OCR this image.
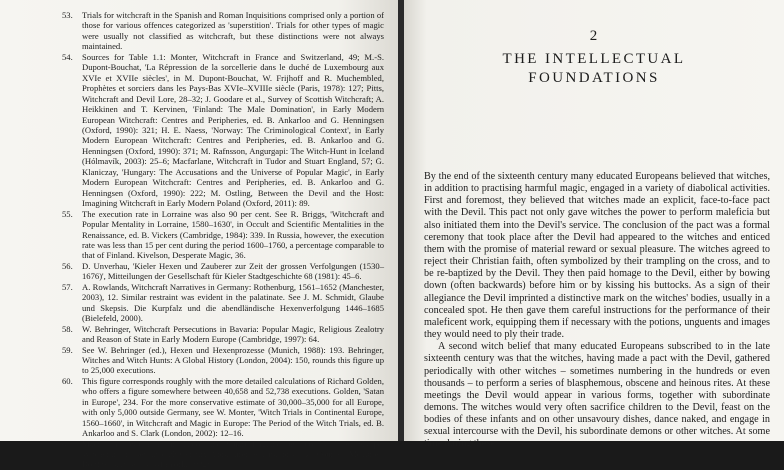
53.	Trials for witchcraft in the Spanish and Roman Inquisitions comprised only a portion of those for various offences categorized as 'superstition'. Trials for other types of magic were usually not classified as witchcraft, but these distinctions were not always maintained.
54.	Sources for Table 1.1: Monter, Witchcraft in France and Switzerland, 49; M.-S. Dupont-Bouchat, 'La Répression de la sorcellerie dans le duché de Luxembourg aux XVIe et XVIIe siècles', in M. Dupont-Bouchat, W. Frijhoff and R. Muchembled, Prophètes et sorciers dans les Pays-Bas XVIe–XVIIIe siècle (Paris, 1978): 127; Pitts, Witchcraft and Devil Lore, 28–32; J. Goodare et al., Survey of Scottish Witchcraft; A. Heikkinen and T. Kervinen, 'Finland: The Male Domination', in Early Modern European Witchcraft: Centres and Peripheries, ed. B. Ankarloo and G. Henningsen (Oxford, 1990): 321; H. E. Naess, 'Norway: The Criminological Context', in Early Modern European Witchcraft: Centres and Peripheries, ed. B. Ankarloo and G. Henningsen (Oxford, 1990): 371; M. Rafnsson, Angurgapi: The Witch-Hunt in Iceland (Hólmavík, 2003): 25–6; Macfarlane, Witchcraft in Tudor and Stuart England, 57; G. Klaniczay, 'Hungary: The Accusations and the Universe of Popular Magic', in Early Modern European Witchcraft: Centres and Peripheries, ed. B. Ankarloo and G. Henningsen (Oxford, 1990): 222; M. Ostling, Between the Devil and the Host: Imagining Witchcraft in Early Modern Poland (Oxford, 2011): 89.
55.	The execution rate in Lorraine was also 90 per cent. See R. Briggs, 'Witchcraft and Popular Mentality in Lorraine, 1580–1630', in Occult and Scientific Mentalities in the Renaissance, ed. B. Vickers (Cambridge, 1984): 339. In Russia, however, the execution rate was less than 15 per cent during the period 1600–1760, a percentage comparable to that of Finland. Kivelson, Desperate Magic, 36.
56.	D. Unverhau, 'Kieler Hexen und Zauberer zur Zeit der grossen Verfolgungen (1530–1676)', Mitteilungen der Gesellschaft für Kieler Stadtgeschichte 68 (1981): 45–6.
57.	A. Rowlands, Witchcraft Narratives in Germany: Rothenburg, 1561–1652 (Manchester, 2003), 12. Similar restraint was evident in the palatinate. See J. M. Schmidt, Glaube und Skepsis. Die Kurpfalz und die abendländische Hexenverfolgung 1446–1685 (Bielefeld, 2000).
58.	W. Behringer, Witchcraft Persecutions in Bavaria: Popular Magic, Religious Zealotry and Reason of State in Early Modern Europe (Cambridge, 1997): 64.
59.	See W. Behringer (ed.), Hexen und Hexenprozesse (Munich, 1988): 193. Behringer, Witches and Witch Hunts: A Global History (London, 2004): 150, rounds this figure up to 25,000 executions.
60.	This figure corresponds roughly with the more detailed calculations of Richard Golden, who offers a figure somewhere between 40,658 and 52,738 executions. Golden, 'Satan in Europe', 234. For the more conservative estimate of 30,000–35,000 for all Europe, with only 5,000 outside Germany, see W. Monter, 'Witch Trials in Continental Europe, 1560–1660', in Witchcraft and Magic in Europe: The Period of the Witch Trials, ed. B. Ankarloo and S. Clark (London, 2002): 12–16.
61.	Macfarlane, Witchcraft in Tudor and Stuart England, 60, 66–75; J. A. Sharpe, Witchcraft in Seventeenth-Century Yorkshire: Accusations and Counter Measures, Borthwick Paper no. 81 (York, 1992).
2
THE INTELLECTUAL
FOUNDATIONS

By the end of the sixteenth century many educated Europeans believed that witches, in addition to practising harmful magic, engaged in a variety of diabolical activities. First and foremost, they believed that witches made an explicit, face-to-face pact with the Devil. This pact not only gave witches the power to perform maleficia but also initiated them into the Devil's service. The conclusion of the pact was a formal ceremony that took place after the Devil had appeared to the witches and enticed them with the promise of material reward or sexual pleasure. The witches agreed to reject their Christian faith, often symbolized by their trampling on the cross, and to be re-baptized by the Devil. They then paid homage to the Devil, either by bowing down (often backwards) before him or by kissing his buttocks. As a sign of their allegiance the Devil imprinted a distinctive mark on the witches' bodies, usually in a concealed spot. He then gave them careful instructions for the performance of their maleficent work, equipping them if necessary with the potions, unguents and images they would need to ply their trade.

A second witch belief that many educated Europeans subscribed to in the late sixteenth century was that the witches, having made a pact with the Devil, gathered periodically with other witches – sometimes numbering in the hundreds or even thousands – to perform a series of blasphemous, obscene and heinous rites. At these meetings the Devil would appear in various forms, together with subordinate demons. The witches would very often sacrifice children to the Devil, feast on the bodies of these infants and on other unsavoury dishes, dance naked, and engage in sexual intercourse with the Devil, his subordinate demons or other witches. At some time during these
